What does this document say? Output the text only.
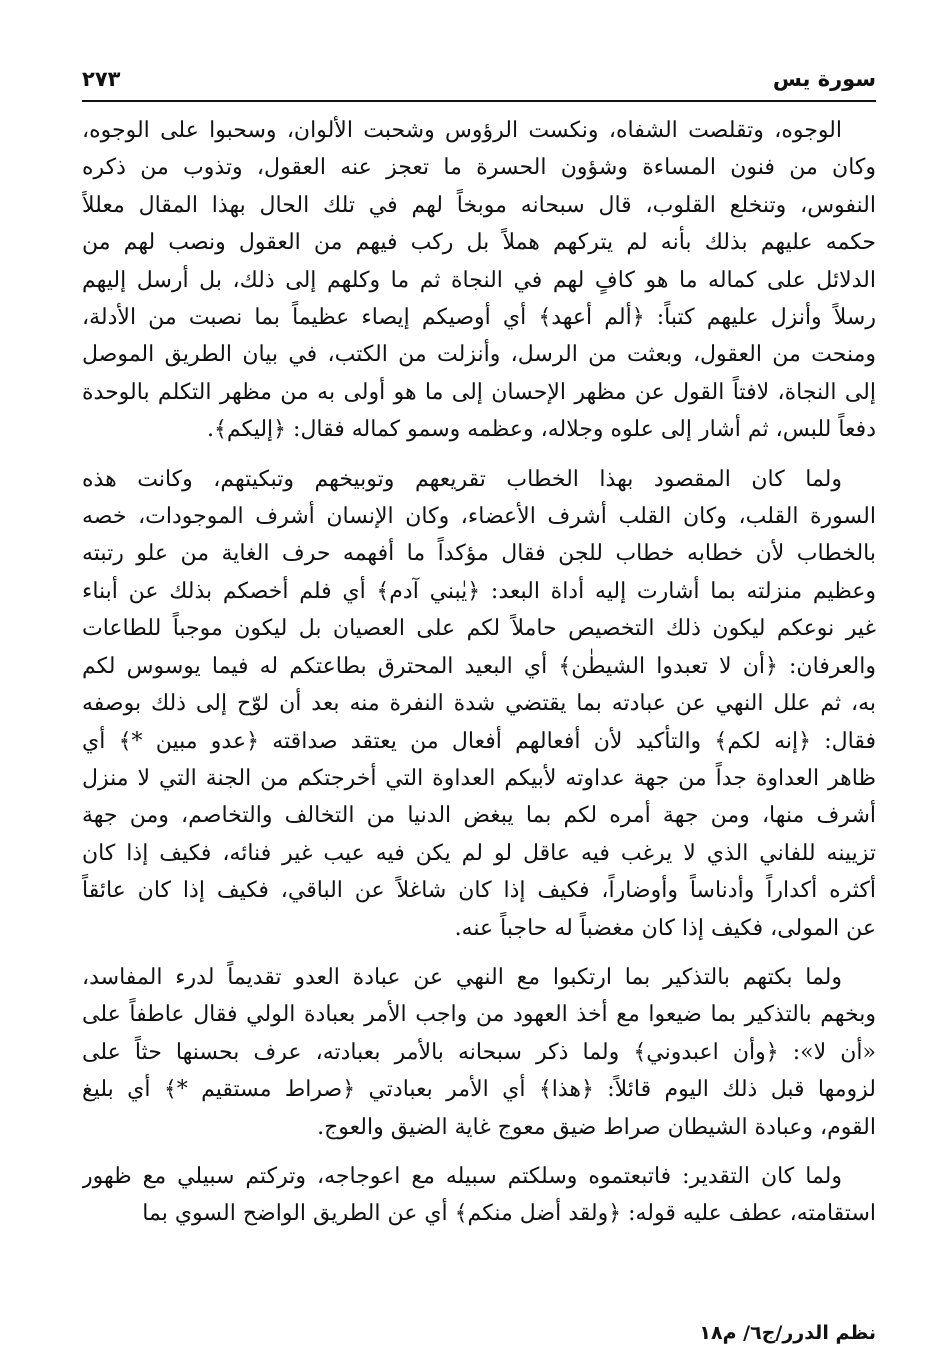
٢٧٣	سورة يس

الوجوه، وتقلصت الشفاه، ونكست الرؤوس وشحبت الألوان، وسحبوا على الوجوه،
وكان من فنون المساءة وشؤون الحسرة ما تعجز عنه العقول، وتذوب من ذكره
النفوس، وتنخلع القلوب، قال سبحانه موبخاً لهم في تلك الحال بهذا المقال معللاً
حكمه عليهم بذلك بأنه لم يتركهم هملاً بل ركب فيهم من العقول ونصب لهم من
الدلائل على كماله ما هو كافٍ لهم في النجاة ثم ما وكلهم إلى ذلك، بل أرسل إليهم
رسلاً وأنزل عليهم كتباً: ﴿ألم أعهد﴾ أي أوصيكم إيصاء عظيماً بما نصبت من الأدلة،
ومنحت من العقول، وبعثت من الرسل، وأنزلت من الكتب، في بيان الطريق الموصل
إلى النجاة، لافتاً القول عن مظهر الإحسان إلى ما هو أولى به من مظهر التكلم بالوحدة
دفعاً للبس، ثم أشار إلى علوه وجلاله، وعظمه وسمو كماله فقال: ﴿إليكم﴾.

ولما كان المقصود بهذا الخطاب تقريعهم وتوبيخهم وتبكيتهم، وكانت هذه
السورة القلب، وكان القلب أشرف الأعضاء، وكان الإنسان أشرف الموجودات، خصه
بالخطاب لأن خطابه خطاب للجن فقال مؤكداً ما أفهمه حرف الغاية من علو رتبته
وعظيم منزلته بما أشارت إليه أداة البعد: ﴿يٰبني آدم﴾ أي فلم أخصكم بذلك عن أبناء
غير نوعكم ليكون ذلك التخصيص حاملاً لكم على العصيان بل ليكون موجباً للطاعات
والعرفان: ﴿أن لا تعبدوا الشيطٰن﴾ أي البعيد المحترق بطاعتكم له فيما يوسوس لكم
به، ثم علل النهي عن عبادته بما يقتضي شدة النفرة منه بعد أن لوّح إلى ذلك بوصفه
فقال: ﴿إنه لكم﴾ والتأكيد لأن أفعالهم أفعال من يعتقد صداقته ﴿عدو مبين *﴾ أي
ظاهر العداوة جداً من جهة عداوته لأبيكم العداوة التي أخرجتكم من الجنة التي لا منزل
أشرف منها، ومن جهة أمره لكم بما يبغض الدنيا من التخالف والتخاصم، ومن جهة
تزيينه للفاني الذي لا يرغب فيه عاقل لو لم يكن فيه عيب غير فنائه، فكيف إذا كان
أكثره أكداراً وأدناساً وأوضاراً، فكيف إذا كان شاغلاً عن الباقي، فكيف إذا كان عائقاً
عن المولى، فكيف إذا كان مغضباً له حاجباً عنه.

ولما بكتهم بالتذكير بما ارتكبوا مع النهي عن عبادة العدو تقديماً لدرء المفاسد،
وبخهم بالتذكير بما ضيعوا مع أخذ العهود من واجب الأمر بعبادة الولي فقال عاطفاً على
«أن لا»: ﴿وأن اعبدوني﴾ ولما ذكر سبحانه بالأمر بعبادته، عرف بحسنها حثاً على
لزومها قبل ذلك اليوم قائلاً: ﴿هذا﴾ أي الأمر بعبادتي ﴿صراط مستقيم *﴾ أي بليغ
القوم، وعبادة الشيطان صراط ضيق معوج غاية الضيق والعوج.

ولما كان التقدير: فاتبعتموه وسلكتم سبيله مع اعوجاجه، وتركتم سبيلي مع ظهور
استقامته، عطف عليه قوله: ﴿ولقد أضل منكم﴾ أي عن الطريق الواضح السوي بما

نظم الدرر/ج٦/ م١٨
